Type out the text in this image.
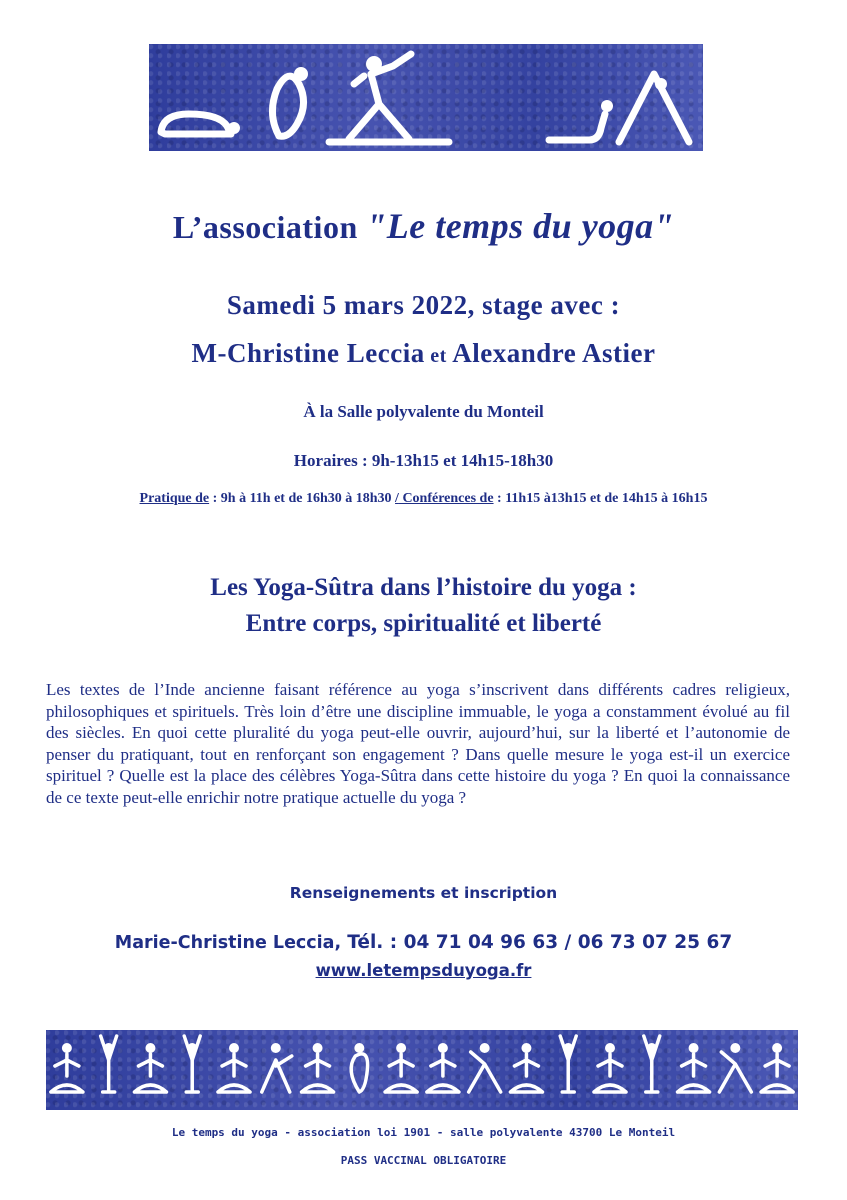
L’association "Le temps du yoga"
Samedi 5 mars 2022, stage avec :
M-Christine Leccia et Alexandre Astier
À la Salle polyvalente du Monteil
Horaires : 9h-13h15 et 14h15-18h30
Pratique de : 9h à 11h et de 16h30 à 18h30 / Conférences de : 11h15 à13h15 et de 14h15 à 16h15
Les Yoga-Sûtra dans l’histoire du yoga :
Entre corps, spiritualité et liberté
Les textes de l’Inde ancienne faisant référence au yoga s’inscrivent dans différents cadres religieux, philosophiques et spirituels. Très loin d’être une discipline immuable, le yoga a constamment évolué au fil des siècles. En quoi cette pluralité du yoga peut-elle ouvrir, aujourd’hui, sur la liberté et l’autonomie de penser du pratiquant, tout en renforçant son engagement ? Dans quelle mesure le yoga est-il un exercice spirituel ? Quelle est la place des célèbres Yoga-Sûtra dans cette histoire du yoga ? En quoi la connaissance de ce texte peut-elle enrichir notre pratique actuelle du yoga ?
Renseignements et inscription
Marie-Christine Leccia, Tél. : 04 71 04 96 63 / 06 73 07 25 67
www.letempsduyoga.fr
Le temps du yoga - association loi 1901 - salle polyvalente 43700 Le Monteil
PASS VACCINAL OBLIGATOIRE
